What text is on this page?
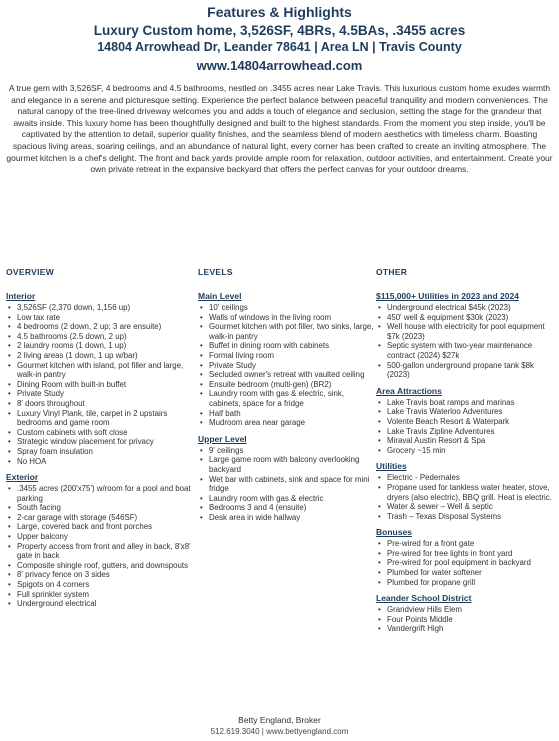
Features & Highlights
Luxury Custom home, 3,526SF, 4BRs, 4.5BAs, .3455 acres
14804 Arrowhead Dr, Leander 78641 | Area LN | Travis County
www.14804arrowhead.com

A true gem with 3,526SF, 4 bedrooms and 4.5 bathrooms, nestled on .3455 acres near Lake Travis. This luxurious custom home exudes warmth and elegance in a serene and picturesque setting. Experience the perfect balance between peaceful tranquility and modern conveniences. The natural canopy of the tree-lined driveway welcomes you and adds a touch of elegance and seclusion, setting the stage for the grandeur that awaits inside. This luxury home has been thoughtfully designed and built to the highest standards. From the moment you step inside, you'll be captivated by the attention to detail, superior quality finishes, and the seamless blend of modern aesthetics with timeless charm. Boasting spacious living areas, soaring ceilings, and an abundance of natural light, every corner has been crafted to create an inviting atmosphere. The gourmet kitchen is a chef's delight. The front and back yards provide ample room for relaxation, outdoor activities, and entertainment. Create your own private retreat in the expansive backyard that offers the perfect canvas for your outdoor dreams.

OVERVIEW
Interior
• 3,526SF (2,370 down, 1,156 up)
• Low tax rate
• 4 bedrooms (2 down, 2 up; 3 are ensuite)
• 4.5 bathrooms (2.5 down, 2 up)
• 2 laundry rooms (1 down, 1 up)
• 2 living areas (1 down, 1 up w/bar)
• Gourmet kitchen with island, pot filler and large, walk-in pantry
• Dining Room with built-in buffet
• Private Study
• 8' doors throughout
• Luxury Vinyl Plank, tile, carpet in 2 upstairs bedrooms and game room
• Custom cabinets with soft close
• Strategic window placement for privacy
• Spray foam insulation
• No HOA
Exterior
• .3455 acres (200'x75') w/room for a pool and boat parking
• South facing
• 2-car garage with storage (546SF)
• Large, covered back and front porches
• Upper balcony
• Property access from front and alley in back, 8'x8' gate in back
• Composite shingle roof, gutters, and downspouts
• 8' privacy fence on 3 sides
• Spigots on 4 corners
• Full sprinkler system
• Underground electrical
LEVELS
Main Level
• 10' ceilings
• Walls of windows in the living room
• Gourmet kitchen with pot filler, two sinks, large, walk-in pantry
• Buffet in dining room with cabinets
• Formal living room
• Private Study
• Secluded owner's retreat with vaulted ceiling
• Ensuite bedroom (multi-gen) (BR2)
• Laundry room with gas & electric, sink, cabinets, space for a fridge
• Half bath
• Mudroom area near garage
Upper Level
• 9' ceilings
• Large game room with balcony overlooking backyard
• Wet bar with cabinets, sink and space for mini fridge
• Laundry room with gas & electric
• Bedrooms 3 and 4 (ensuite)
• Desk area in wide hallway
OTHER
$115,000+ Utilities in 2023 and 2024
• Underground electrical $45k (2023)
• 450' well & equipment $30k (2023)
• Well house with electricity for pool equipment $7k (2023)
• Septic system with two-year maintenance contract (2024) $27k
• 500-gallon underground propane tank $8k (2023)
Area Attractions
• Lake Travis boat ramps and marinas
• Lake Travis Waterloo Adventures
• Volente Beach Resort & Waterpark
• Lake Travis Zipline Adventures
• Miraval Austin Resort & Spa
• Grocery ~15 min
Utilities
• Electric - Pedernales
• Propane used for tankless water heater, stove, dryers (also electric), BBQ grill. Heat is electric.
• Water & sewer – Well & septic
• Trash – Texas Disposal Systems
Bonuses
• Pre-wired for a front gate
• Pre-wired for tree lights in front yard
• Pre-wired for pool equipment in backyard
• Plumbed for water softener
• Plumbed for propane grill
Leander School District
• Grandview Hills Elem
• Four Points Middle
• Vandergrift High
Betty England, Broker
512.619.3040 | www.bettyengland.com
